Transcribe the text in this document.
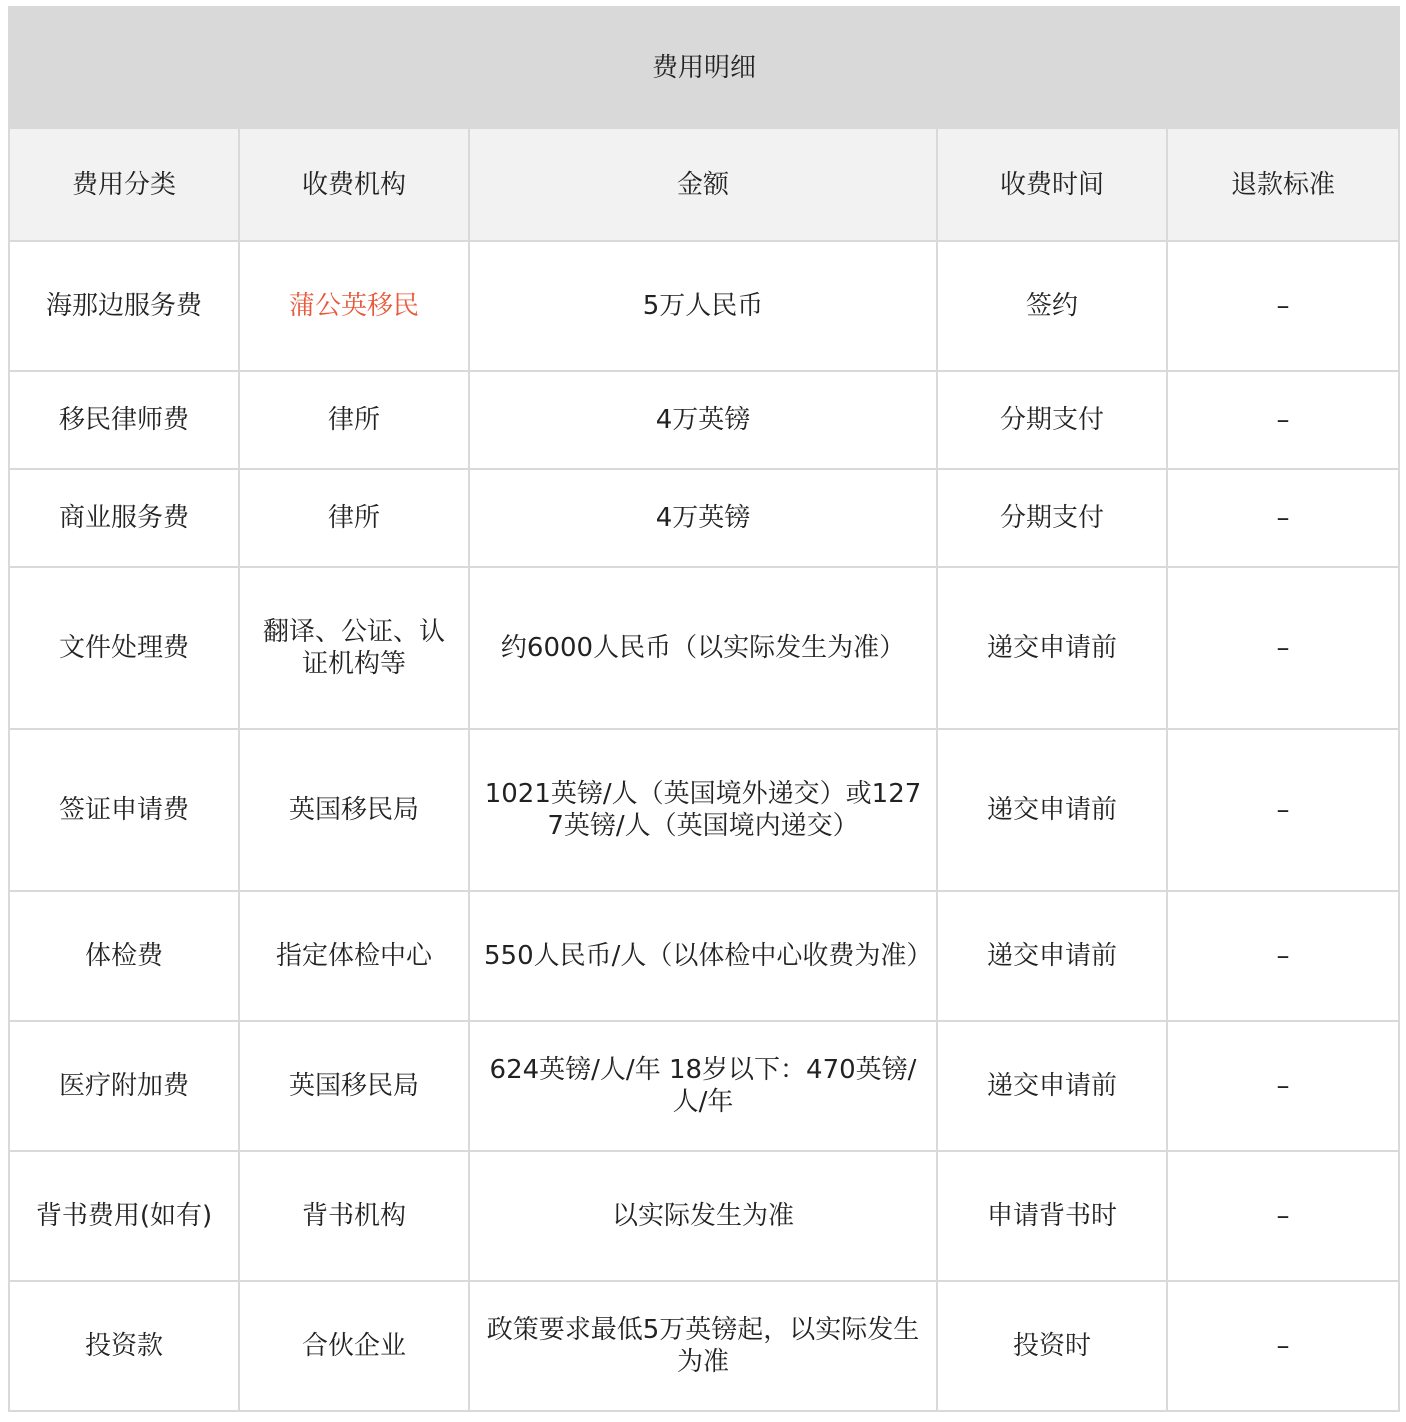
费用明细				
费用分类	收费机构	金额	收费时间	退款标准
海那边服务费	蒲公英移民	5万人民币	签约	–
移民律师费	律所	4万英镑	分期支付	–
商业服务费	律所	4万英镑	分期支付	–
文件处理费	翻译、公证、认证机构等	约6000人民币（以实际发生为准）	递交申请前	–
签证申请费	英国移民局	1021英镑/人（英国境外递交）或1277英镑/人（英国境内递交）	递交申请前	–
体检费	指定体检中心	550人民币/人（以体检中心收费为准）	递交申请前	–
医疗附加费	英国移民局	624英镑/人/年 18岁以下：470英镑/人/年	递交申请前	–
背书费用(如有)	背书机构	以实际发生为准	申请背书时	–
投资款	合伙企业	政策要求最低5万英镑起，以实际发生为准	投资时	–
